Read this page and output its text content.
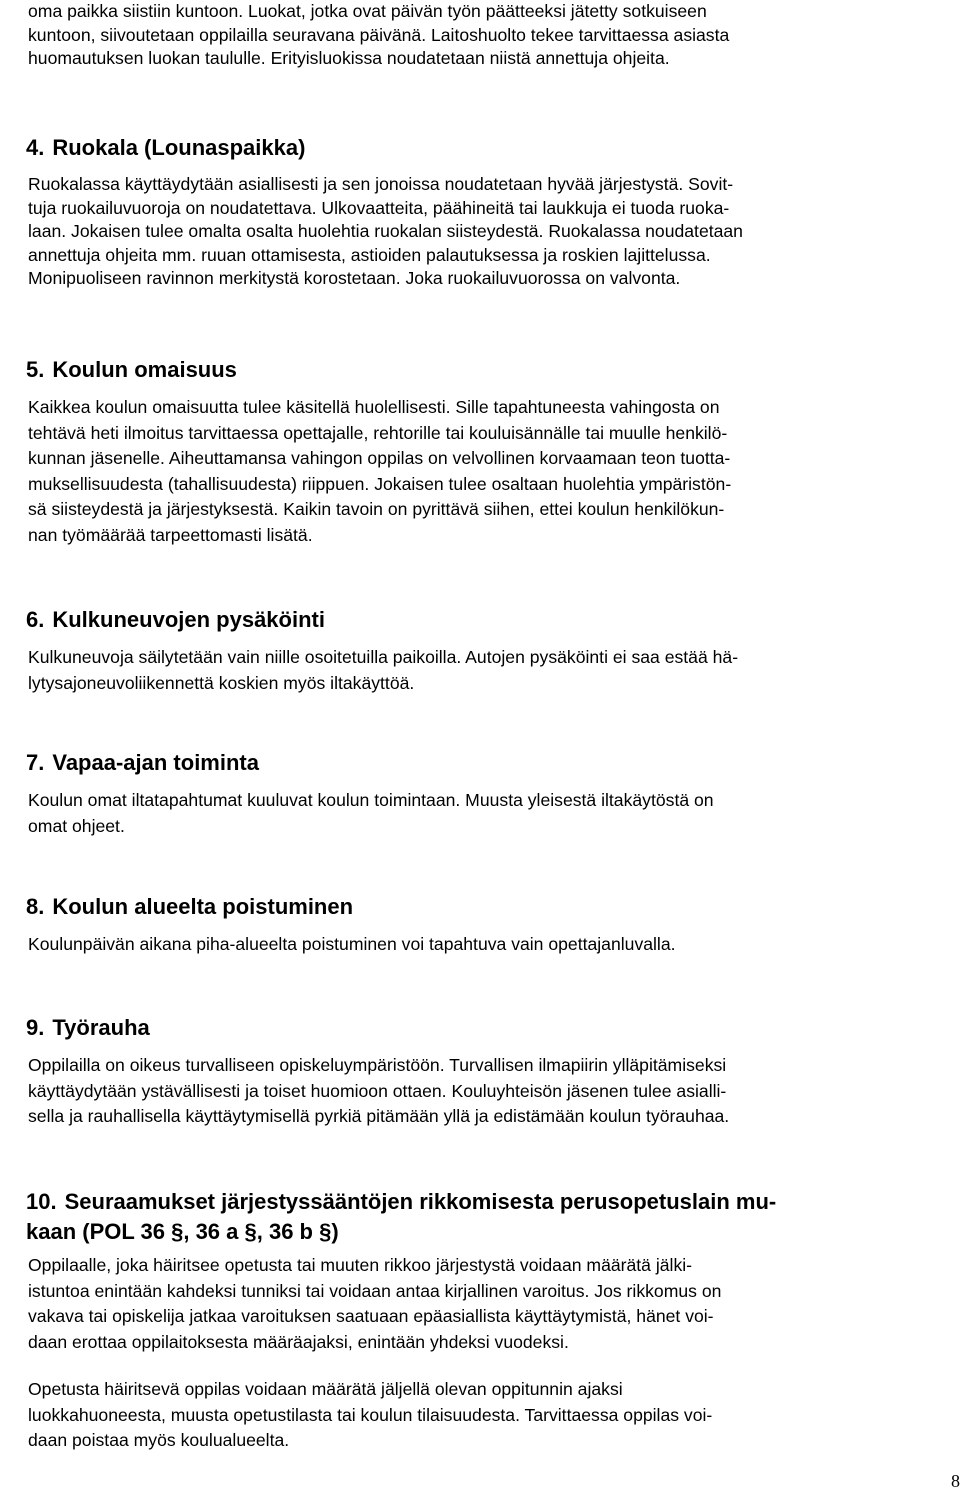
oma paikka siistiin kuntoon. Luokat, jotka ovat päivän työn päätteeksi jätetty sotkuiseen
kuntoon, siivoutetaan oppilailla seuravana päivänä. Laitoshuolto tekee tarvittaessa asiasta
huomautuksen luokan taululle. Erityisluokissa noudatetaan niistä annettuja ohjeita.
4. Ruokala (Lounaspaikka)
Ruokalassa käyttäydytään asiallisesti ja sen jonoissa noudatetaan hyvää järjestystä. Sovit-
tuja ruokailuvuoroja on noudatettava. Ulkovaatteita, päähineitä tai laukkuja ei tuoda ruoka-
laan. Jokaisen tulee omalta osalta huolehtia ruokalan siisteydestä. Ruokalassa noudatetaan
annettuja ohjeita mm. ruuan ottamisesta, astioiden palautuksessa ja roskien lajittelussa.
Monipuoliseen ravinnon merkitystä korostetaan. Joka ruokailuvuorossa on valvonta.
5. Koulun omaisuus
Kaikkea koulun omaisuutta tulee käsitellä huolellisesti. Sille tapahtuneesta vahingosta on
tehtävä heti ilmoitus tarvittaessa opettajalle, rehtorille tai kouluisännälle tai muulle henkilö-
kunnan jäsenelle. Aiheuttamansa vahingon oppilas on velvollinen korvaamaan teon tuotta-
muksellisuudesta (tahallisuudesta) riippuen. Jokaisen tulee osaltaan huolehtia ympäristön-
sä siisteydestä ja järjestyksestä. Kaikin tavoin on pyrittävä siihen, ettei koulun henkilökun-
nan työmäärää tarpeettomasti lisätä.
6. Kulkuneuvojen pysäköinti
Kulkuneuvoja säilytetään vain niille osoitetuilla paikoilla. Autojen pysäköinti ei saa estää hä-
lytysajoneuvoliikennettä koskien myös iltakäyttöä.
7. Vapaa-ajan toiminta
Koulun omat iltatapahtumat kuuluvat koulun toimintaan. Muusta yleisestä iltakäytöstä on
omat ohjeet.
8. Koulun alueelta poistuminen
Koulunpäivän aikana piha-alueelta poistuminen voi tapahtuva vain opettajanluvalla.
9. Työrauha
Oppilailla on oikeus turvalliseen opiskeluympäristöön. Turvallisen ilmapiirin ylläpitämiseksi
käyttäydytään ystävällisesti ja toiset huomioon ottaen. Kouluyhteisön jäsenen tulee asialli-
sella ja rauhallisella käyttäytymisellä pyrkiä pitämään yllä ja edistämään koulun työrauhaa.
10. Seuraamukset järjestyssääntöjen rikkomisesta perusopetuslain mu-
kaan (POL 36 §, 36 a §, 36 b §)
Oppilaalle, joka häiritsee opetusta tai muuten rikkoo järjestystä voidaan määrätä jälki-
istuntoa enintään kahdeksi tunniksi tai voidaan antaa kirjallinen varoitus. Jos rikkomus on
vakava tai opiskelija jatkaa varoituksen saatuaan epäasiallista käyttäytymistä, hänet voi-
daan erottaa oppilaitoksesta määräajaksi, enintään yhdeksi vuodeksi.
Opetusta häiritsevä oppilas voidaan määrätä jäljellä olevan oppitunnin ajaksi
luokkahuoneesta, muusta opetustilasta tai koulun tilaisuudesta. Tarvittaessa oppilas voi-
daan poistaa myös koulualueelta.
8
